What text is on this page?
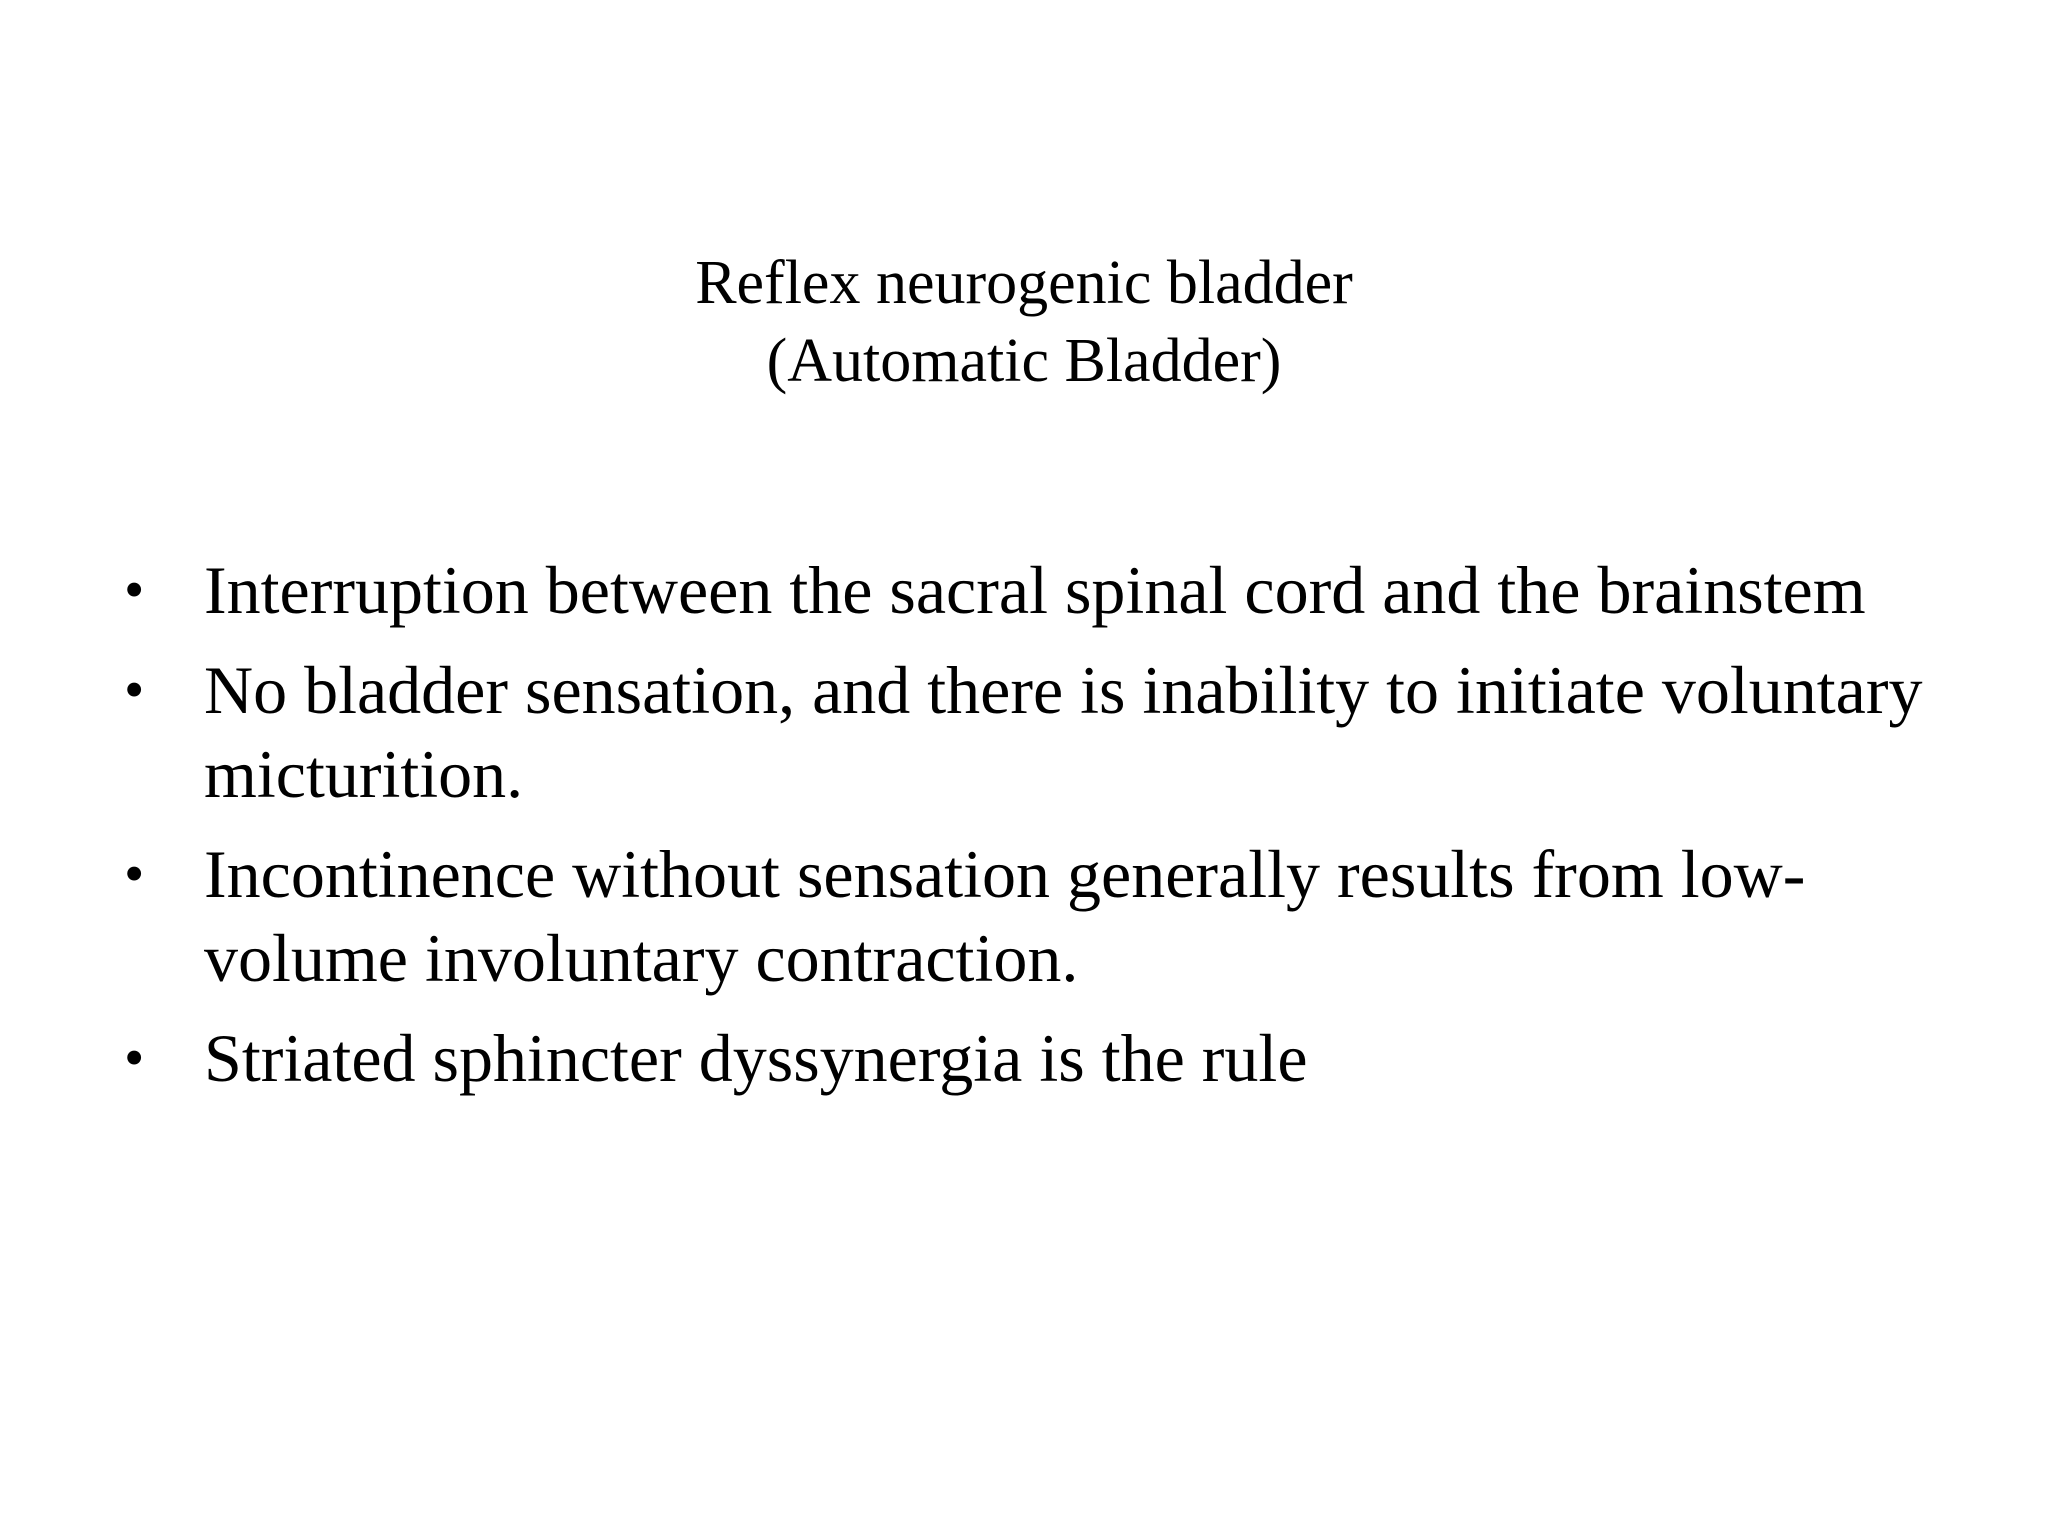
Reflex neurogenic bladder
(Automatic Bladder)
• Interruption between the sacral spinal cord and the brainstem
• No bladder sensation, and there is inability to initiate voluntary micturition.
• Incontinence without sensation generally results from low-volume involuntary contraction.
• Striated sphincter dyssynergia is the rule
